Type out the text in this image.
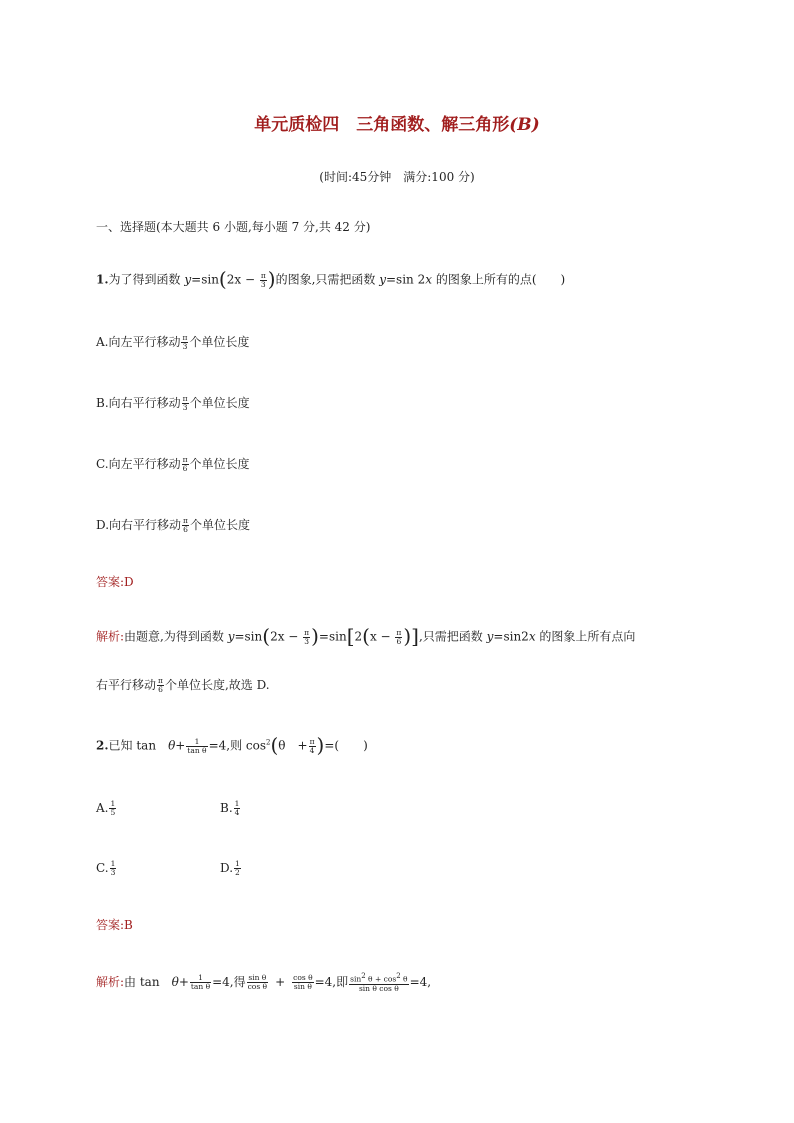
单元质检四　三角函数、解三角形(B)
(时间:45分钟　满分:100 分)
一、选择题(本大题共 6 小题,每小题 7 分,共 42 分)
1.为了得到函数 $y=\sin(2x - \frac{\pi}{3}$ )的图象,只需把函数 y=sin 2x 的图象上所有的点(　　)
A.向左平行移动 $\frac{\pi}{3}$ 个单位长度
B.向右平行移动 $\frac{\pi}{3}$ 个单位长度
C.向左平行移动 $\frac{\pi}{6}$ 个单位长度
D.向右平行移动 $\frac{\pi}{6}$ 个单位长度
答案:D
解析:由题意,为得到函数 $y=\sin(2x - \frac{\pi}{3} )=\sin[2(x - \frac{\pi}{6}$ )],只需把函数 y=sin2x 的图象上所有点向
右平行移动 $\frac{\pi}{6}$ 个单位长度,故选 D.
2.已知 tan　$\theta+ \frac{1}{\text{tan θ}} =4$,则 $\cos^2(\theta$　+ $\frac{\pi}{4}$ )=(　　)
A. $\frac{1}{5}$	B. $\frac{1}{4}$
C. $\frac{1}{3}$	D. $\frac{1}{2}$
答案:B
解析:由 tan　$\theta+ \frac{1}{\text{tan θ}} =4$,得 $\frac{\text{sin θ}}{\text{cos θ}} + \frac{\text{cos θ}}{\text{sin θ}} =4$,即 $\frac{\sin^2 \theta + \cos^2 \theta}{\text{sin θ cos θ}} =4$,
